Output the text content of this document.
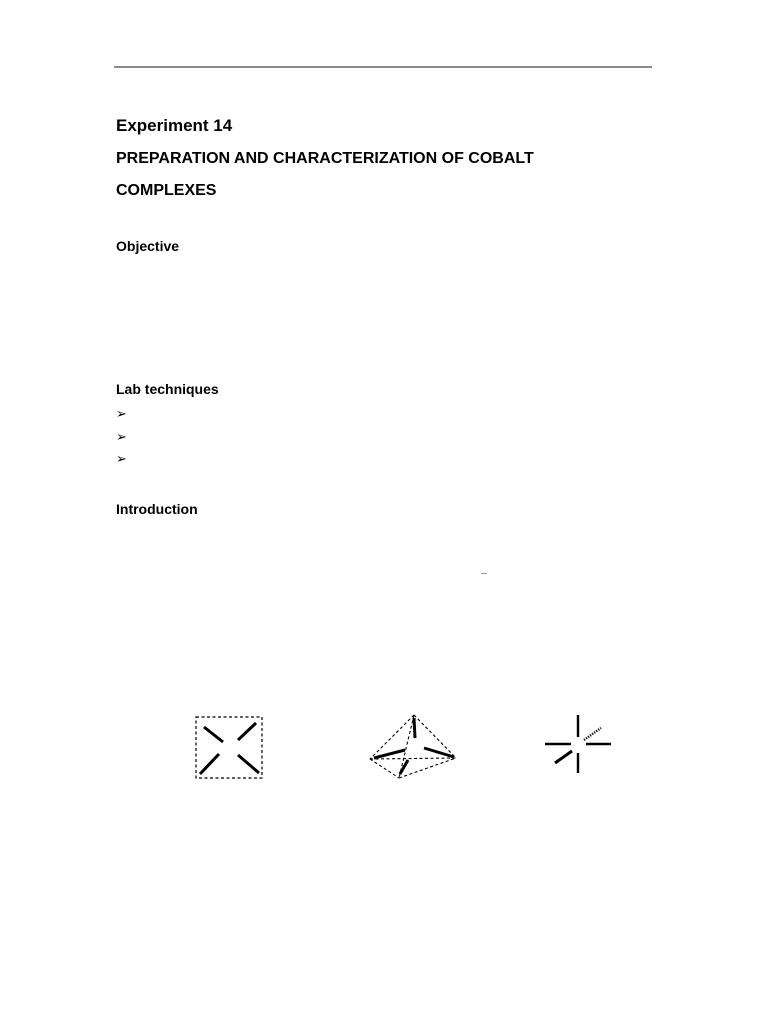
Experiment 14
PREPARATION AND CHARACTERIZATION OF COBALT
COMPLEXES
Objective
Lab techniques
➢
➢
➢
Introduction
